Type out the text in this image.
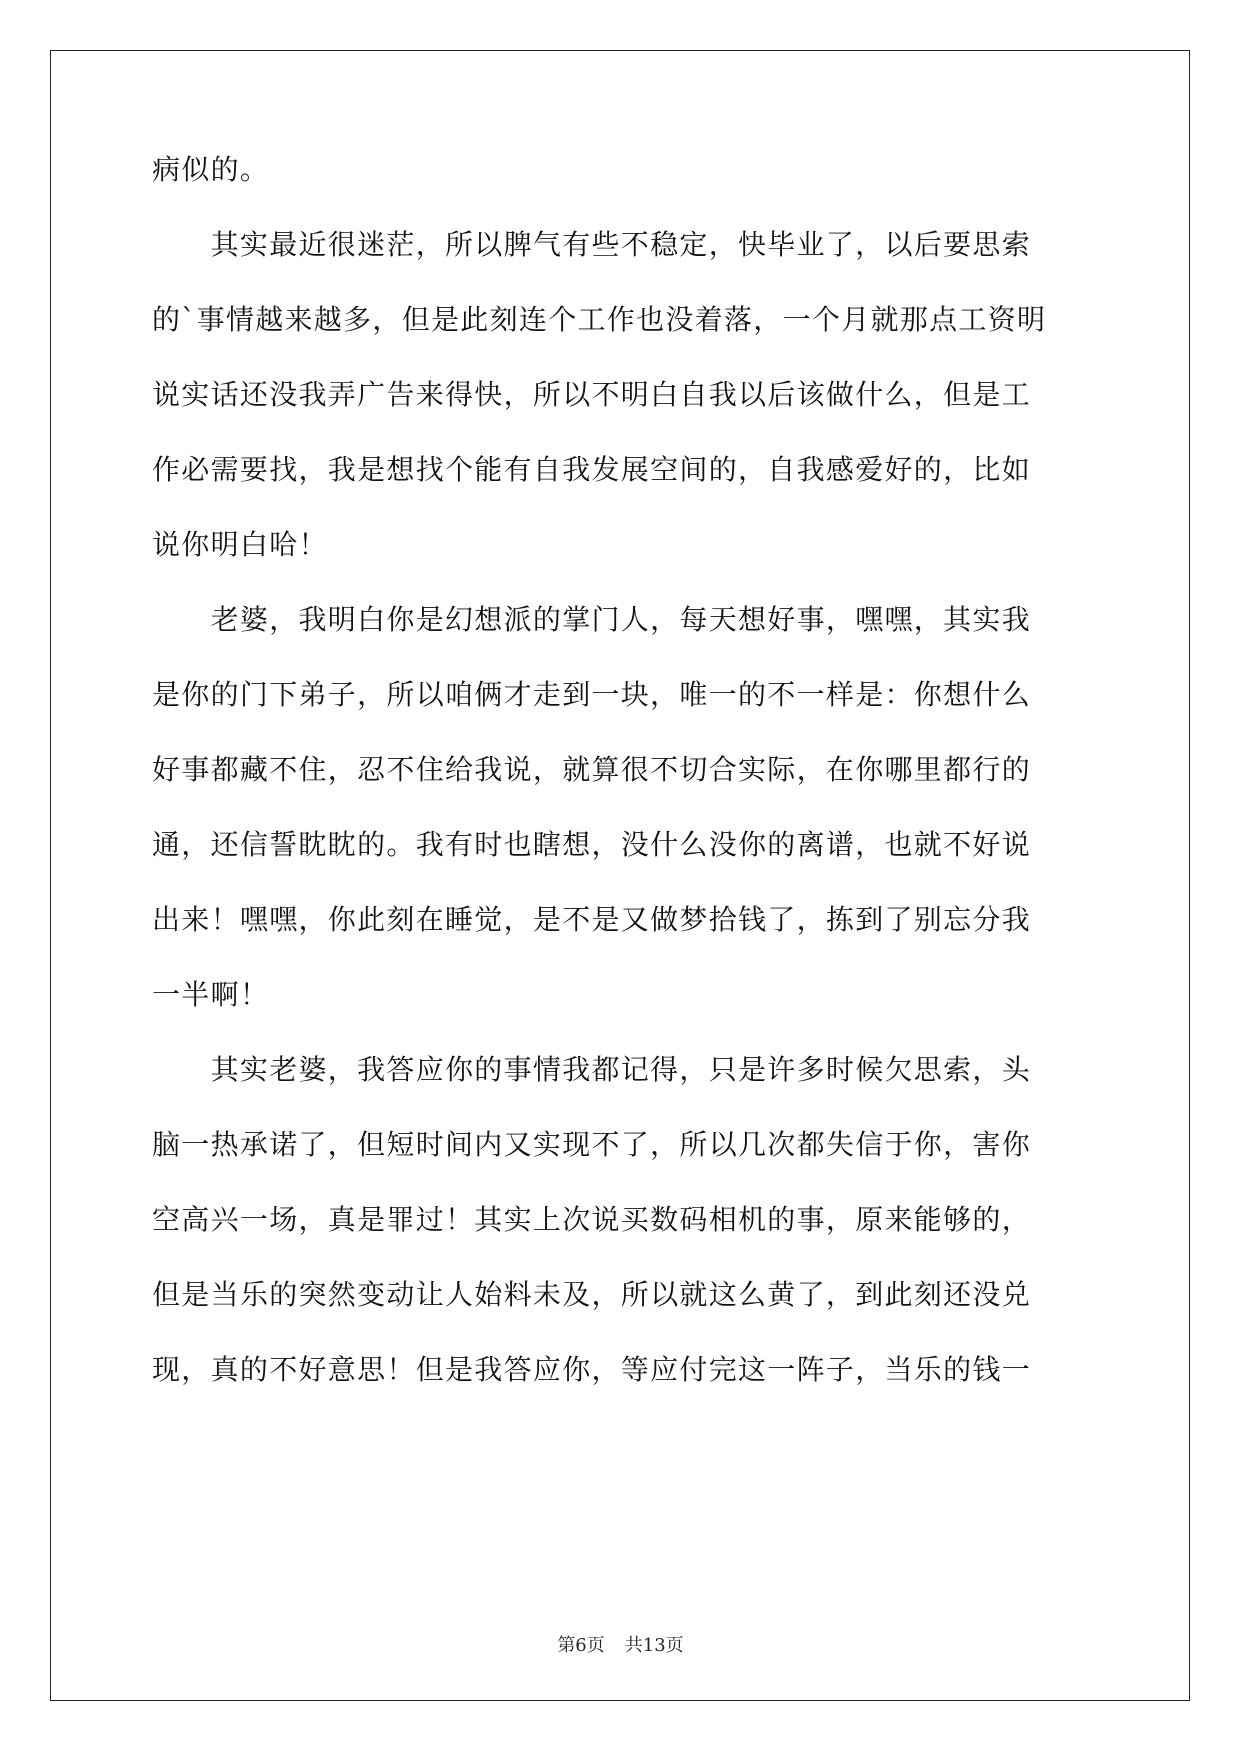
病似的。
　　其实最近很迷茫，所以脾气有些不稳定，快毕业了，以后要思索
的`事情越来越多，但是此刻连个工作也没着落，一个月就那点工资明
说实话还没我弄广告来得快，所以不明白自我以后该做什么，但是工
作必需要找，我是想找个能有自我发展空间的，自我感爱好的，比如
说你明白哈！
　　老婆，我明白你是幻想派的掌门人，每天想好事，嘿嘿，其实我
是你的门下弟子，所以咱俩才走到一块，唯一的不一样是：你想什么
好事都藏不住，忍不住给我说，就算很不切合实际，在你哪里都行的
通，还信誓眈眈的。我有时也瞎想，没什么没你的离谱，也就不好说
出来！嘿嘿，你此刻在睡觉，是不是又做梦拾钱了，拣到了别忘分我
一半啊！
　　其实老婆，我答应你的事情我都记得，只是许多时候欠思索，头
脑一热承诺了，但短时间内又实现不了，所以几次都失信于你，害你
空高兴一场，真是罪过！其实上次说买数码相机的事，原来能够的，
但是当乐的突然变动让人始料未及，所以就这么黄了，到此刻还没兑
现，真的不好意思！但是我答应你，等应付完这一阵子，当乐的钱一
第6页 共13页
